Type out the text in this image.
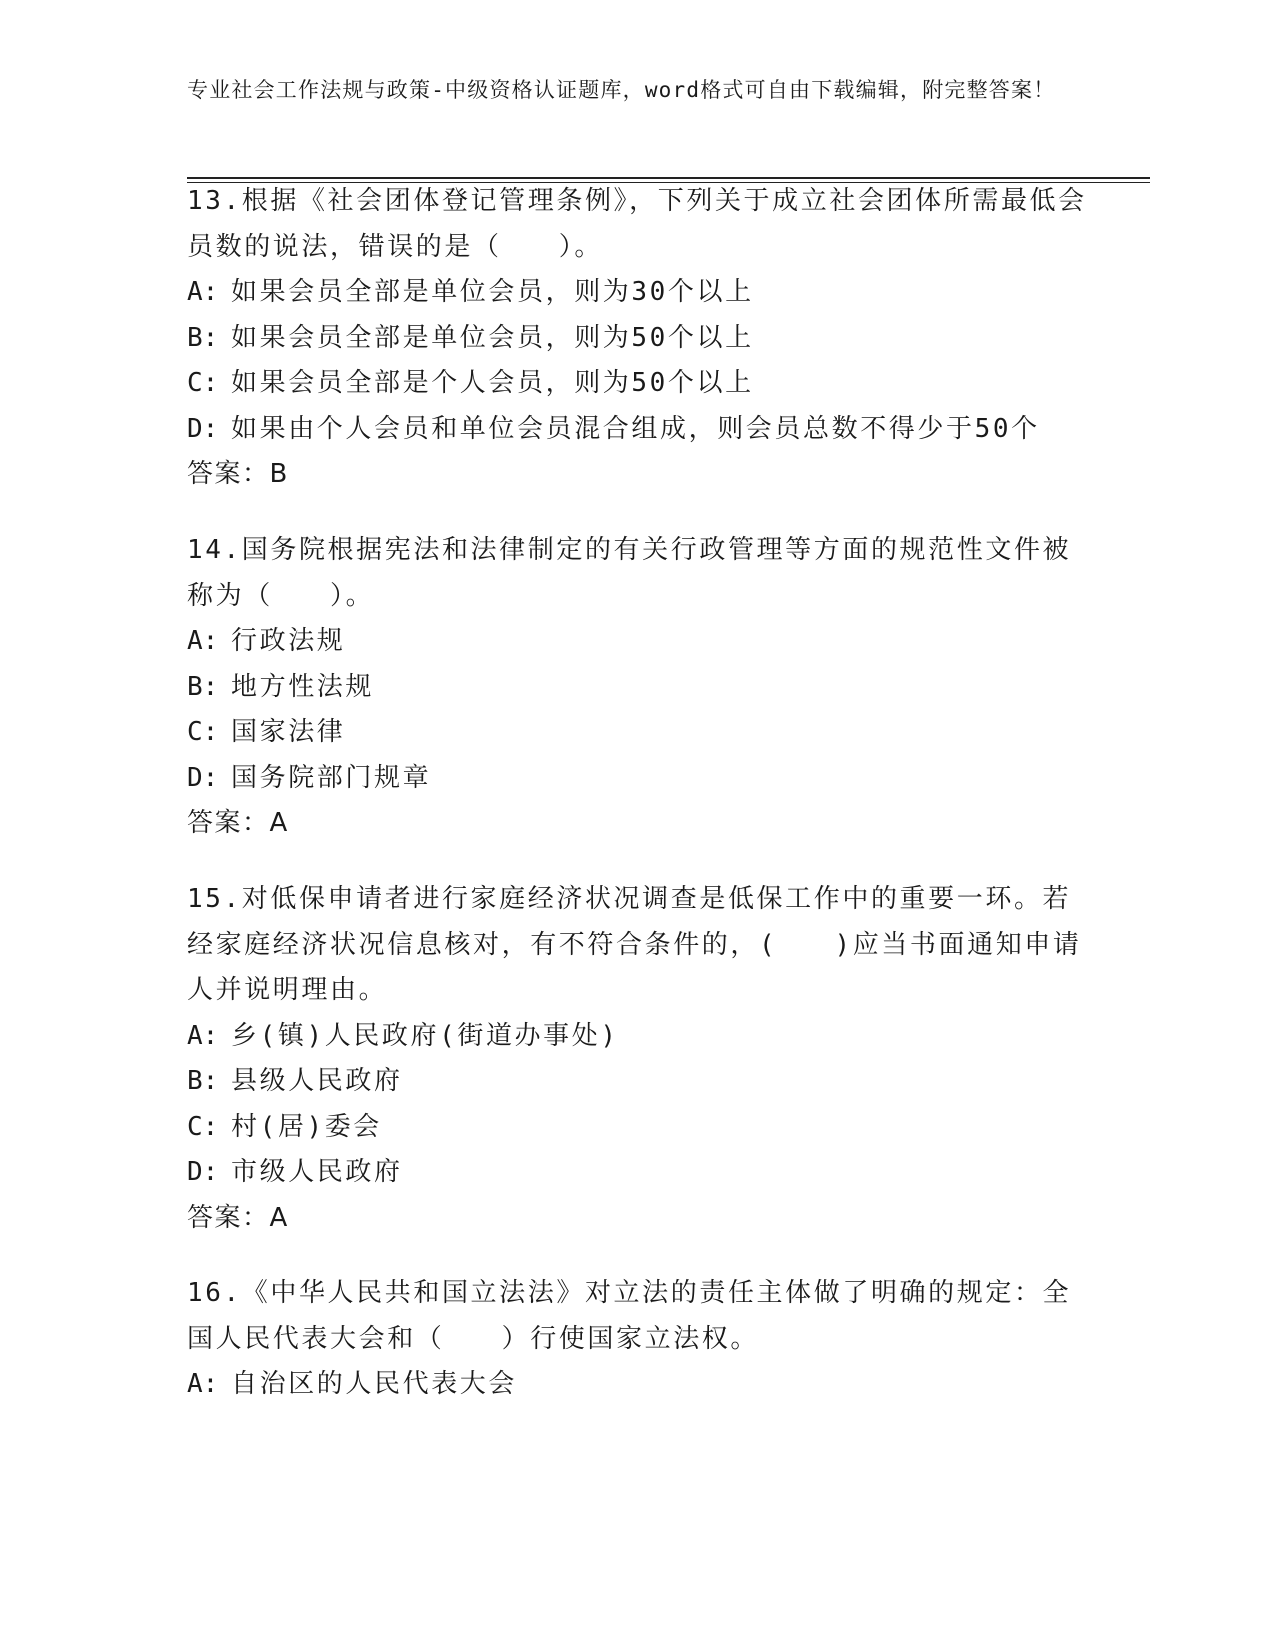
专业社会工作法规与政策-中级资格认证题库，word格式可自由下载编辑，附完整答案！

13.根据《社会团体登记管理条例》，下列关于成立社会团体所需最低会员数的说法，错误的是（　　）。

A: 如果会员全部是单位会员，则为30个以上

B: 如果会员全部是单位会员，则为50个以上

C: 如果会员全部是个人会员，则为50个以上

D: 如果由个人会员和单位会员混合组成，则会员总数不得少于50个

答案：B

14.国务院根据宪法和法律制定的有关行政管理等方面的规范性文件被称为（　　）。

A: 行政法规

B: 地方性法规

C: 国家法律

D: 国务院部门规章

答案：A

15.对低保申请者进行家庭经济状况调查是低保工作中的重要一环。若经家庭经济状况信息核对，有不符合条件的，(　　)应当书面通知申请人并说明理由。

A: 乡(镇)人民政府(街道办事处)

B: 县级人民政府

C: 村(居)委会

D: 市级人民政府

答案：A

16.《中华人民共和国立法法》对立法的责任主体做了明确的规定：全国人民代表大会和（　　）行使国家立法权。

A: 自治区的人民代表大会
